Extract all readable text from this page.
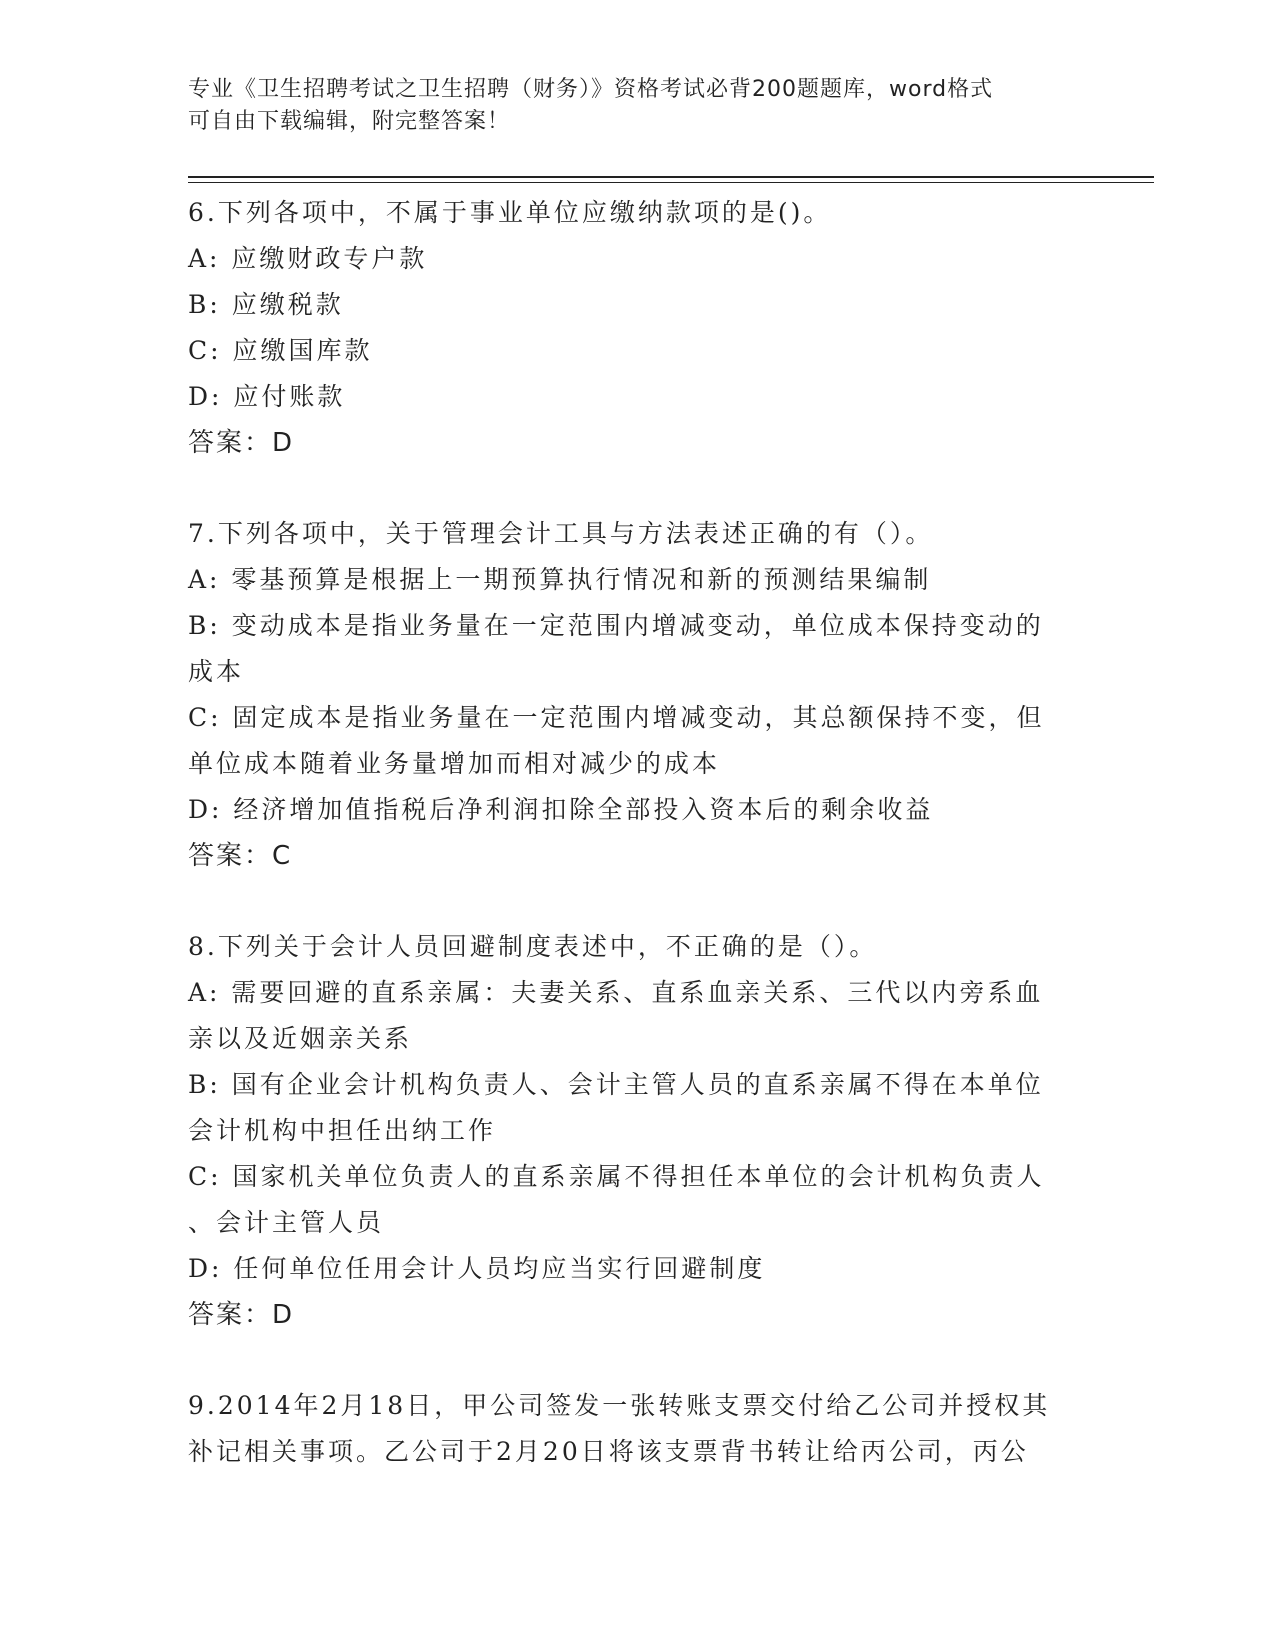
专业《卫生招聘考试之卫生招聘（财务）》资格考试必背200题题库，word格式
可自由下载编辑，附完整答案！
6.下列各项中，不属于事业单位应缴纳款项的是()。
A: 应缴财政专户款
B: 应缴税款
C: 应缴国库款
D: 应付账款
答案：D
7.下列各项中，关于管理会计工具与方法表述正确的有（）。
A: 零基预算是根据上一期预算执行情况和新的预测结果编制
B: 变动成本是指业务量在一定范围内增减变动，单位成本保持变动的
成本
C: 固定成本是指业务量在一定范围内增减变动，其总额保持不变，但
单位成本随着业务量增加而相对减少的成本
D: 经济增加值指税后净利润扣除全部投入资本后的剩余收益
答案：C
8.下列关于会计人员回避制度表述中，不正确的是（）。
A: 需要回避的直系亲属：夫妻关系、直系血亲关系、三代以内旁系血
亲以及近姻亲关系
B: 国有企业会计机构负责人、会计主管人员的直系亲属不得在本单位
会计机构中担任出纳工作
C: 国家机关单位负责人的直系亲属不得担任本单位的会计机构负责人
、会计主管人员
D: 任何单位任用会计人员均应当实行回避制度
答案：D
9.2014年2月18日，甲公司签发一张转账支票交付给乙公司并授权其
补记相关事项。乙公司于2月20日将该支票背书转让给丙公司，丙公
